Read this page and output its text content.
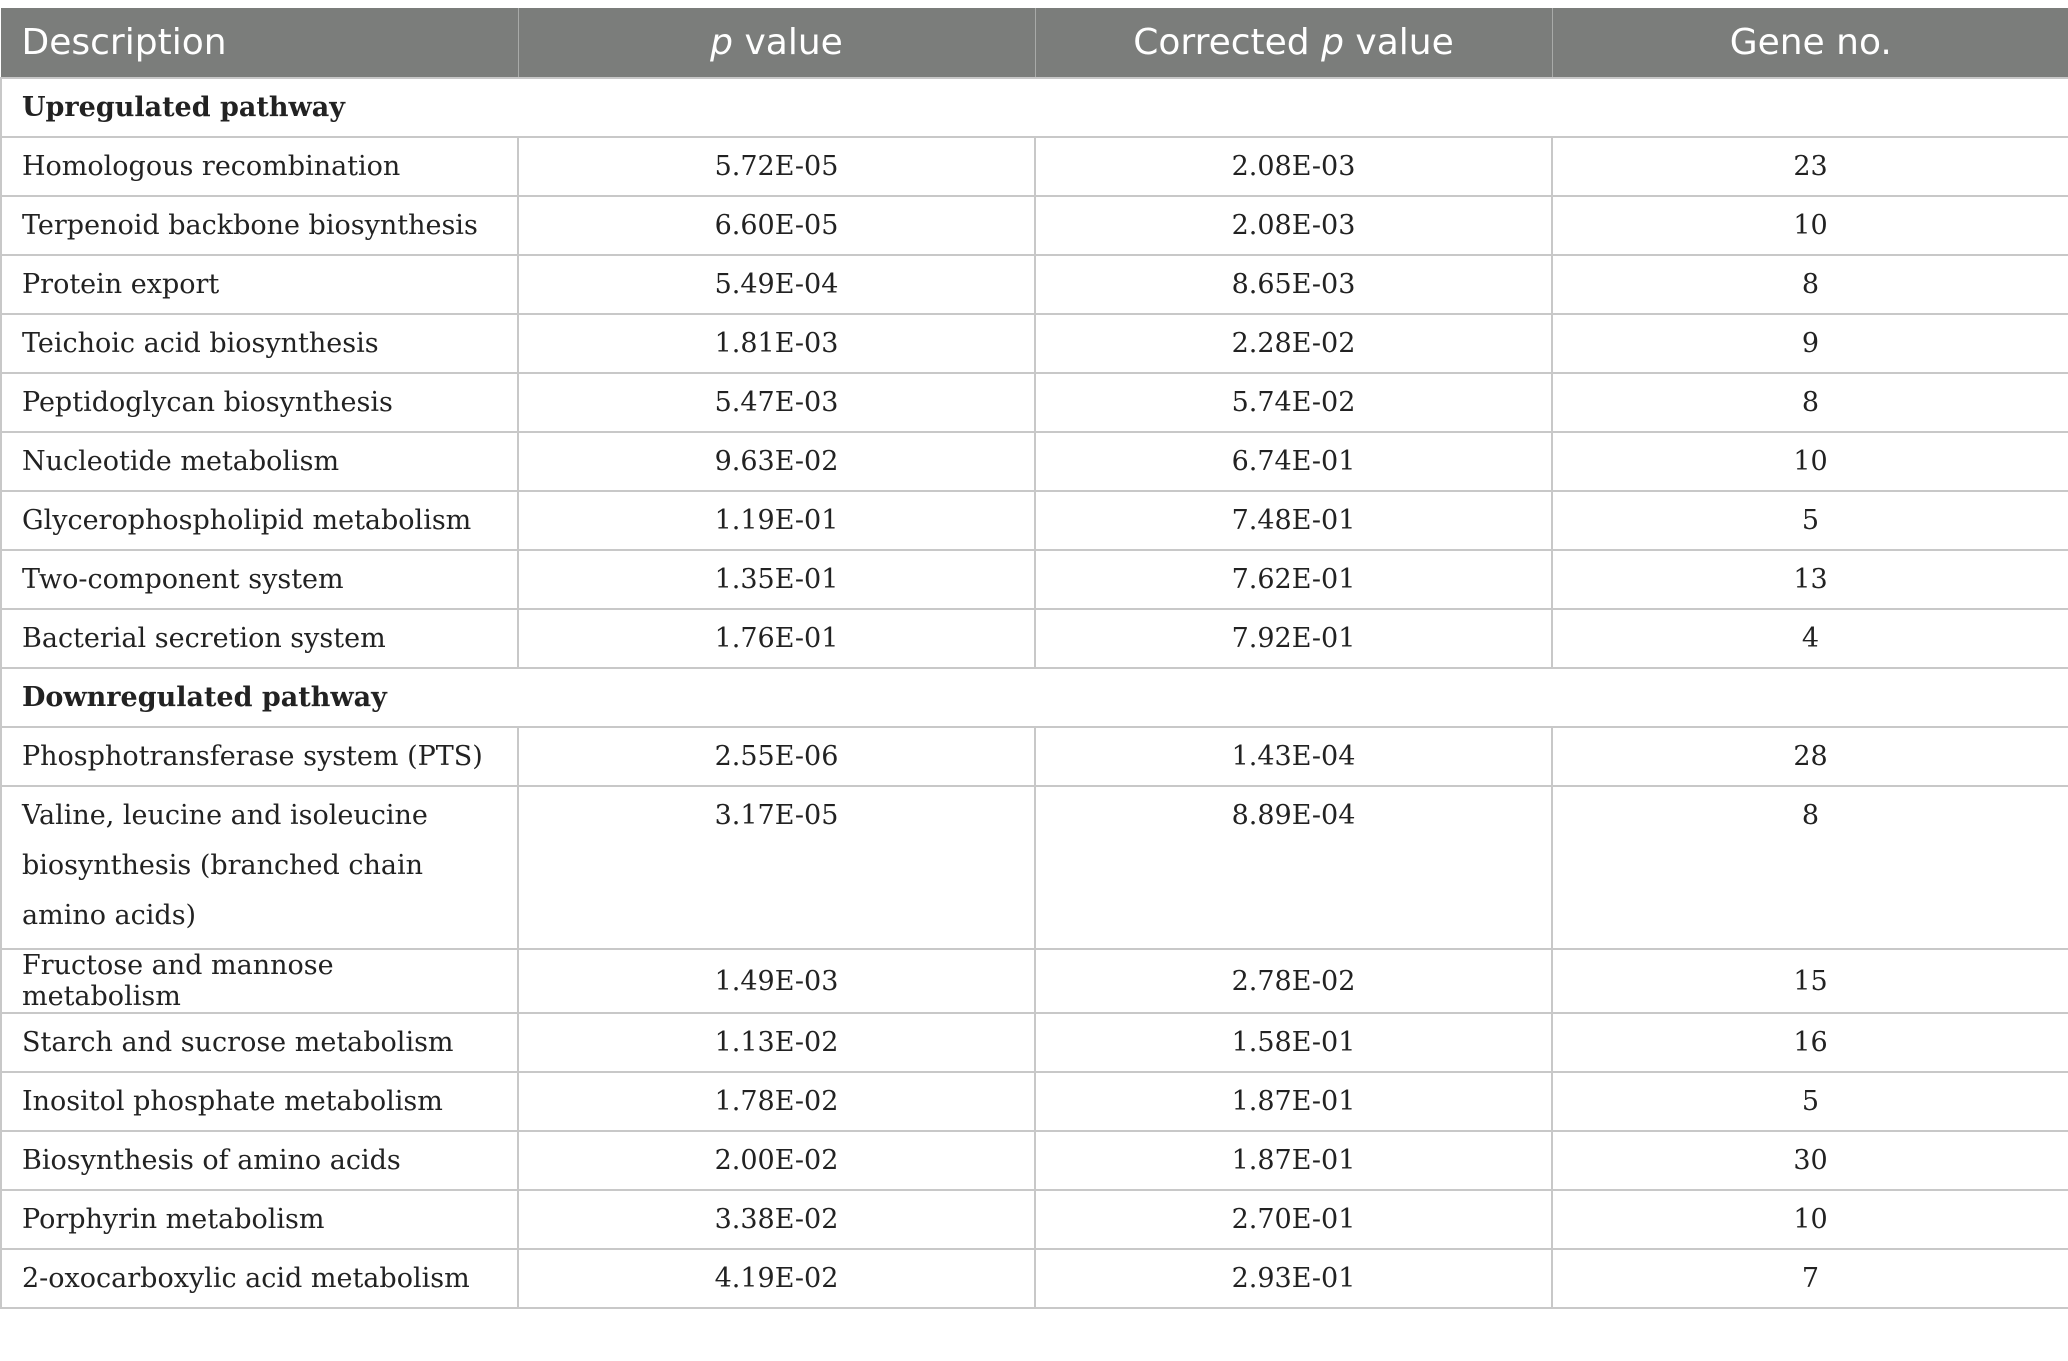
Description	p value	Corrected p value	Gene no.
Upregulated pathway			
Homologous recombination	5.72E-05	2.08E-03	23
Terpenoid backbone biosynthesis	6.60E-05	2.08E-03	10
Protein export	5.49E-04	8.65E-03	8
Teichoic acid biosynthesis	1.81E-03	2.28E-02	9
Peptidoglycan biosynthesis	5.47E-03	5.74E-02	8
Nucleotide metabolism	9.63E-02	6.74E-01	10
Glycerophospholipid metabolism	1.19E-01	7.48E-01	5
Two-component system	1.35E-01	7.62E-01	13
Bacterial secretion system	1.76E-01	7.92E-01	4
Downregulated pathway			
Phosphotransferase system (PTS)	2.55E-06	1.43E-04	28
Valine, leucine and isoleucine biosynthesis (branched chain amino acids)	3.17E-05	8.89E-04	8
Fructose and mannose metabolism	1.49E-03	2.78E-02	15
Starch and sucrose metabolism	1.13E-02	1.58E-01	16
Inositol phosphate metabolism	1.78E-02	1.87E-01	5
Biosynthesis of amino acids	2.00E-02	1.87E-01	30
Porphyrin metabolism	3.38E-02	2.70E-01	10
2-oxocarboxylic acid metabolism	4.19E-02	2.93E-01	7
